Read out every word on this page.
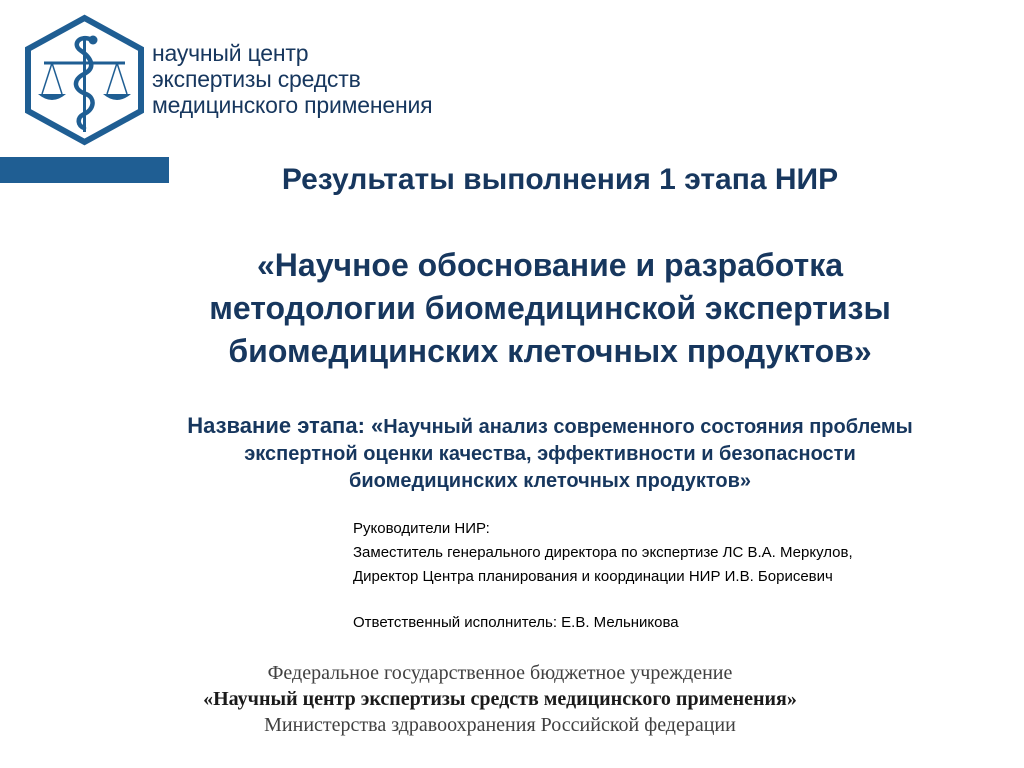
научный центр
экспертизы средств
медицинского применения
Результаты выполнения 1 этапа НИР
«Научное обоснование и разработка
методологии биомедицинской экспертизы
биомедицинских клеточных продуктов»
Название этапа: «Научный анализ современного состояния проблемы
экспертной оценки качества, эффективности и безопасности
биомедицинских клеточных продуктов»
Руководители НИР:
Заместитель генерального директора по экспертизе ЛС В.А. Меркулов,
Директор Центра планирования и координации НИР И.В. Борисевич
Ответственный исполнитель: Е.В. Мельникова
Федеральное государственное бюджетное учреждение
«Научный центр экспертизы средств медицинского применения»
Министерства здравоохранения Российской федерации
